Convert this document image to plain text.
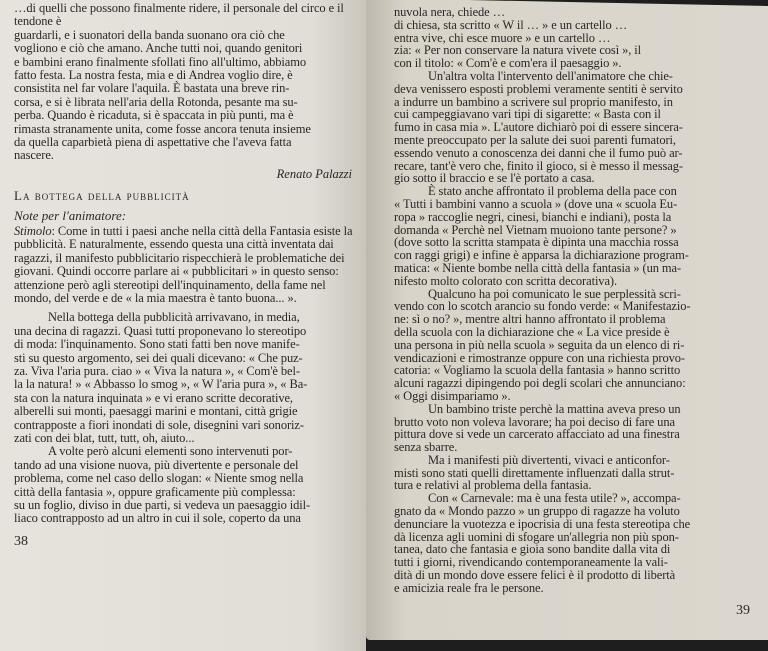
…di quelli che possono finalmente ridere, il personale del circo e il tendone è
guardarli, e i suonatori della banda suonano ora ciò che
vogliono e ciò che amano. Anche tutti noi, quando genitori
e bambini erano finalmente sfollati fino all'ultimo, abbiamo
fatto festa. La nostra festa, mia e di Andrea voglio dire, è
consistita nel far volare l'aquila. È bastata una breve rin-
corsa, e si è librata nell'aria della Rotonda, pesante ma su-
perba. Quando è ricaduta, si è spaccata in più punti, ma è
rimasta stranamente unita, come fosse ancora tenuta insieme
da quella caparbietà piena di aspettative che l'aveva fatta
nascere.
Renato Palazzi
La bottega della pubblicità
Note per l'animatore:
Stimolo: Come in tutti i paesi anche nella città della Fantasia esiste la
pubblicità. E naturalmente, essendo questa una città inventata dai
ragazzi, il manifesto pubblicitario rispecchierà le problematiche dei
giovani. Quindi occorre parlare ai « pubblicitari » in questo senso:
attenzione però agli stereotipi dell'inquinamento, della fame nel
mondo, del verde e de « la mia maestra è tanto buona... ».
Nella bottega della pubblicità arrivavano, in media,
una decina di ragazzi. Quasi tutti proponevano lo stereotipo
di moda: l'inquinamento. Sono stati fatti ben nove manife-
sti su questo argomento, sei dei quali dicevano: « Che puz-
za. Viva l'aria pura. ciao » « Viva la natura », « Com'è bel-
la la natura! » « Abbasso lo smog », « W l'aria pura », « Ba-
sta con la natura inquinata » e vi erano scritte decorative,
alberelli sui monti, paesaggi marini e montani, città grigie
contrapposte a fiori inondati di sole, disegnini vari sonoriz-
zati con dei blat, tutt, tutt, oh, aiuto...
A volte però alcuni elementi sono intervenuti por-
tando ad una visione nuova, più divertente e personale del
problema, come nel caso dello slogan: « Niente smog nella
città della fantasia », oppure graficamente più complessa:
su un foglio, diviso in due parti, si vedeva un paesaggio idil-
liaco contrapposto ad un altro in cui il sole, coperto da una
38
nuvola nera, chiede …
di chiesa, sta scritto « W il … » e un cartello …
entra vive, chi esce muore » e un cartello …
zia: « Per non conservare la natura vivete così », il
con il titolo: « Com'è e com'era il paesaggio ».
Un'altra volta l'intervento dell'animatore che chie-
deva venissero esposti problemi veramente sentiti è servito
a indurre un bambino a scrivere sul proprio manifesto, in
cui campeggiavano vari tipi di sigarette: « Basta con il
fumo in casa mia ». L'autore dichiarò poi di essere sincera-
mente preoccupato per la salute dei suoi parenti fumatori,
essendo venuto a conoscenza dei danni che il fumo può ar-
recare, tant'è vero che, finito il gioco, si è messo il messag-
gio sotto il braccio e se l'è portato a casa.
È stato anche affrontato il problema della pace con
« Tutti i bambini vanno a scuola » (dove una « scuola Eu-
ropa » raccoglie negri, cinesi, bianchi e indiani), posta la
domanda « Perchè nel Vietnam muoiono tante persone? »
(dove sotto la scritta stampata è dipinta una macchia rossa
con raggi grigi) e infine è apparsa la dichiarazione program-
matica: « Niente bombe nella città della fantasia » (un ma-
nifesto molto colorato con scritta decorativa).
Qualcuno ha poi comunicato le sue perplessità scri-
vendo con lo scotch arancio su fondo verde: « Manifestazio-
ne: sì o no? », mentre altri hanno affrontato il problema
della scuola con la dichiarazione che « La vice preside è
una persona in più nella scuola » seguita da un elenco di ri-
vendicazioni e rimostranze oppure con una richiesta provo-
catoria: « Vogliamo la scuola della fantasia » hanno scritto
alcuni ragazzi dipingendo poi degli scolari che annunciano:
« Oggi disimpariamo ».
Un bambino triste perchè la mattina aveva preso un
brutto voto non voleva lavorare; ha poi deciso di fare una
pittura dove si vede un carcerato affacciato ad una finestra
senza sbarre.
Ma i manifesti più divertenti, vivaci e anticonfor-
misti sono stati quelli direttamente influenzati dalla strut-
tura e relativi al problema della fantasia.
Con « Carnevale: ma è una festa utile? », accompa-
gnato da « Mondo pazzo » un gruppo di ragazze ha voluto
denunciare la vuotezza e ipocrisia di una festa stereotipa che
dà licenza agli uomini di sfogare un'allegria non più spon-
tanea, dato che fantasia e gioia sono bandite dalla vita di
tutti i giorni, rivendicando contemporaneamente la vali-
dità di un mondo dove essere felici è il prodotto di libertà
e amicizia reale fra le persone.
39
